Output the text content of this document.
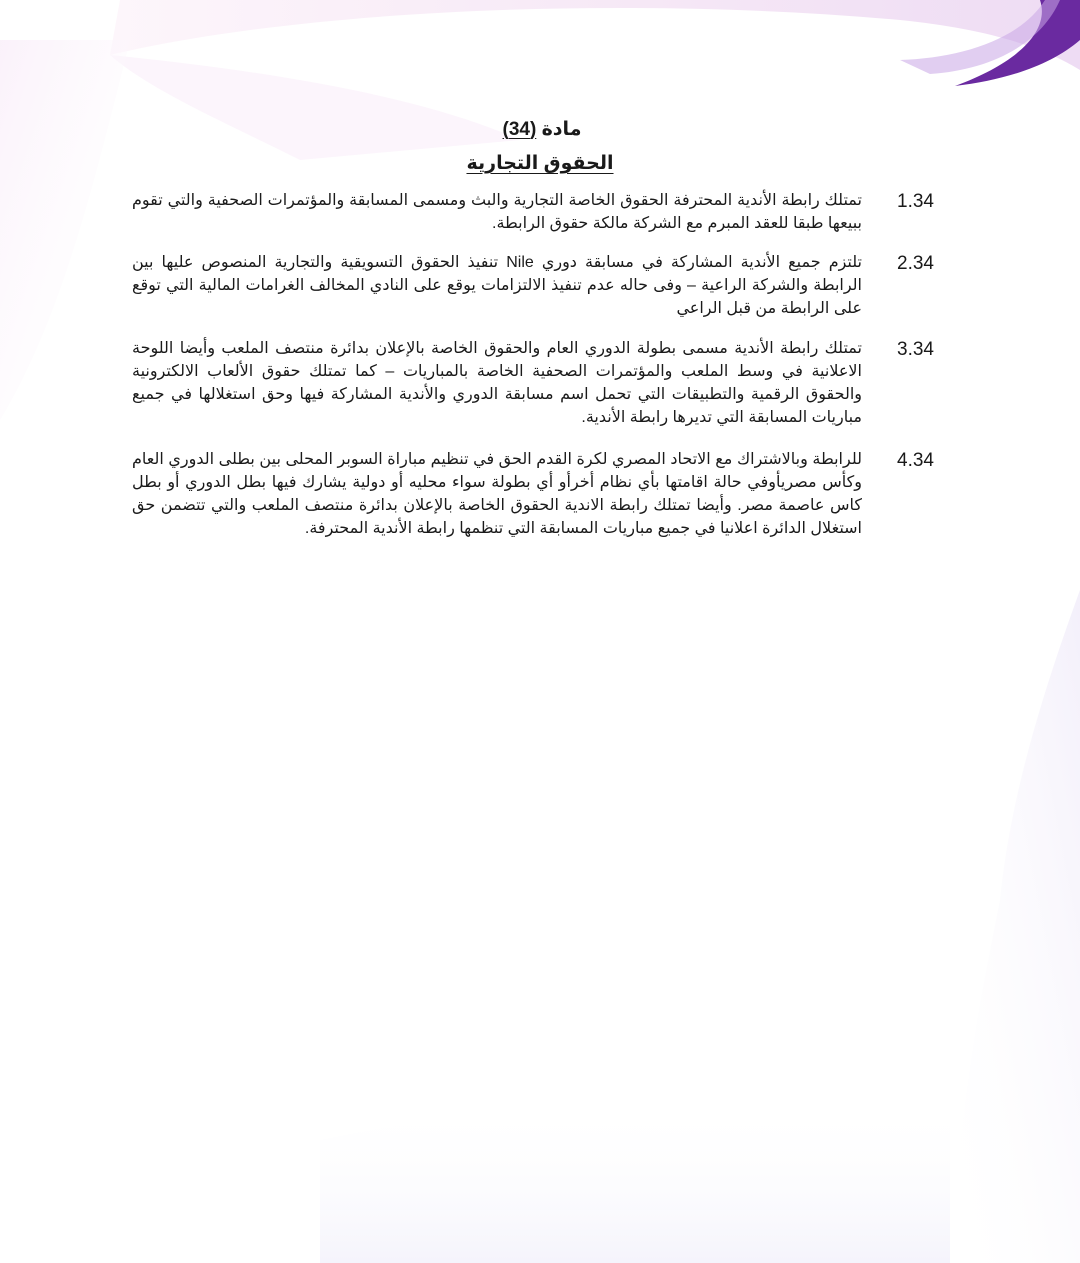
مادة (34)
الحقوق التجارية
1.34
تمتلك رابطة الأندية المحترفة الحقوق الخاصة التجارية والبث ومسمى المسابقة والمؤتمرات الصحفية والتي تقوم ببيعها طبقا للعقد المبرم مع الشركة مالكة حقوق الرابطة.
2.34
تلتزم جميع الأندية المشاركة في مسابقة دوري Nile تنفيذ الحقوق التسويقية والتجارية المنصوص عليها بين الرابطة والشركة الراعية – وفى حاله عدم تنفيذ الالتزامات يوقع على النادي المخالف الغرامات المالية التي توقع على الرابطة من قبل الراعي
3.34
تمتلك رابطة الأندية مسمى بطولة الدوري العام والحقوق الخاصة بالإعلان بدائرة منتصف الملعب وأيضا اللوحة الاعلانية في وسط الملعب والمؤتمرات الصحفية الخاصة بالمباريات – كما تمتلك حقوق الألعاب الالكترونية والحقوق الرقمية والتطبيقات التي تحمل اسم مسابقة الدوري والأندية المشاركة فيها وحق استغلالها في جميع مباريات المسابقة التي تديرها رابطة الأندية.
4.34
للرابطة وبالاشتراك مع الاتحاد المصري لكرة القدم الحق في تنظيم مباراة السوبر المحلى بين بطلى الدوري العام وكأس مصريأوفي حالة اقامتها بأي نظام أخرأو أي بطولة سواء محليه أو دولية يشارك فيها بطل الدوري أو بطل كاس عاصمة مصر. وأيضا تمتلك رابطة الاندية الحقوق الخاصة بالإعلان بدائرة منتصف الملعب والتي تتضمن حق استغلال الدائرة اعلانيا في جميع مباريات المسابقة التي تنظمها رابطة الأندية المحترفة.
